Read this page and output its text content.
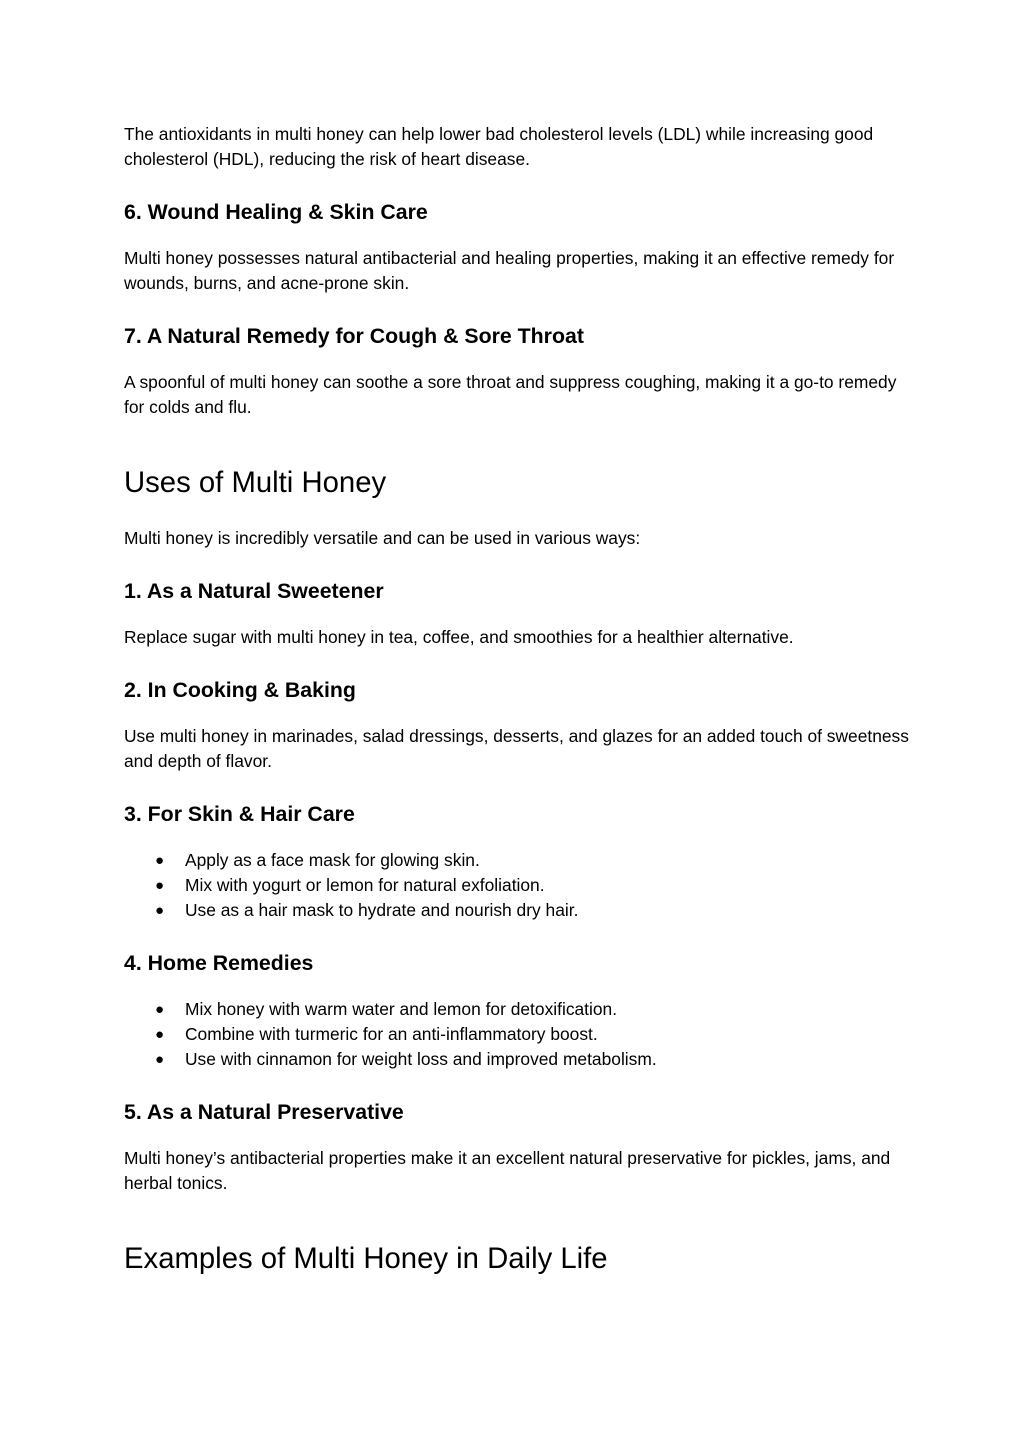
The antioxidants in multi honey can help lower bad cholesterol levels (LDL) while increasing good cholesterol (HDL), reducing the risk of heart disease.

6. Wound Healing & Skin Care

Multi honey possesses natural antibacterial and healing properties, making it an effective remedy for wounds, burns, and acne-prone skin.

7. A Natural Remedy for Cough & Sore Throat

A spoonful of multi honey can soothe a sore throat and suppress coughing, making it a go-to remedy for colds and flu.

Uses of Multi Honey

Multi honey is incredibly versatile and can be used in various ways:

1. As a Natural Sweetener

Replace sugar with multi honey in tea, coffee, and smoothies for a healthier alternative.

2. In Cooking & Baking

Use multi honey in marinades, salad dressings, desserts, and glazes for an added touch of sweetness and depth of flavor.

3. For Skin & Hair Care
● Apply as a face mask for glowing skin.
● Mix with yogurt or lemon for natural exfoliation.
● Use as a hair mask to hydrate and nourish dry hair.
4. Home Remedies
● Mix honey with warm water and lemon for detoxification.
● Combine with turmeric for an anti-inflammatory boost.
● Use with cinnamon for weight loss and improved metabolism.
5. As a Natural Preservative

Multi honey’s antibacterial properties make it an excellent natural preservative for pickles, jams, and herbal tonics.

Examples of Multi Honey in Daily Life
